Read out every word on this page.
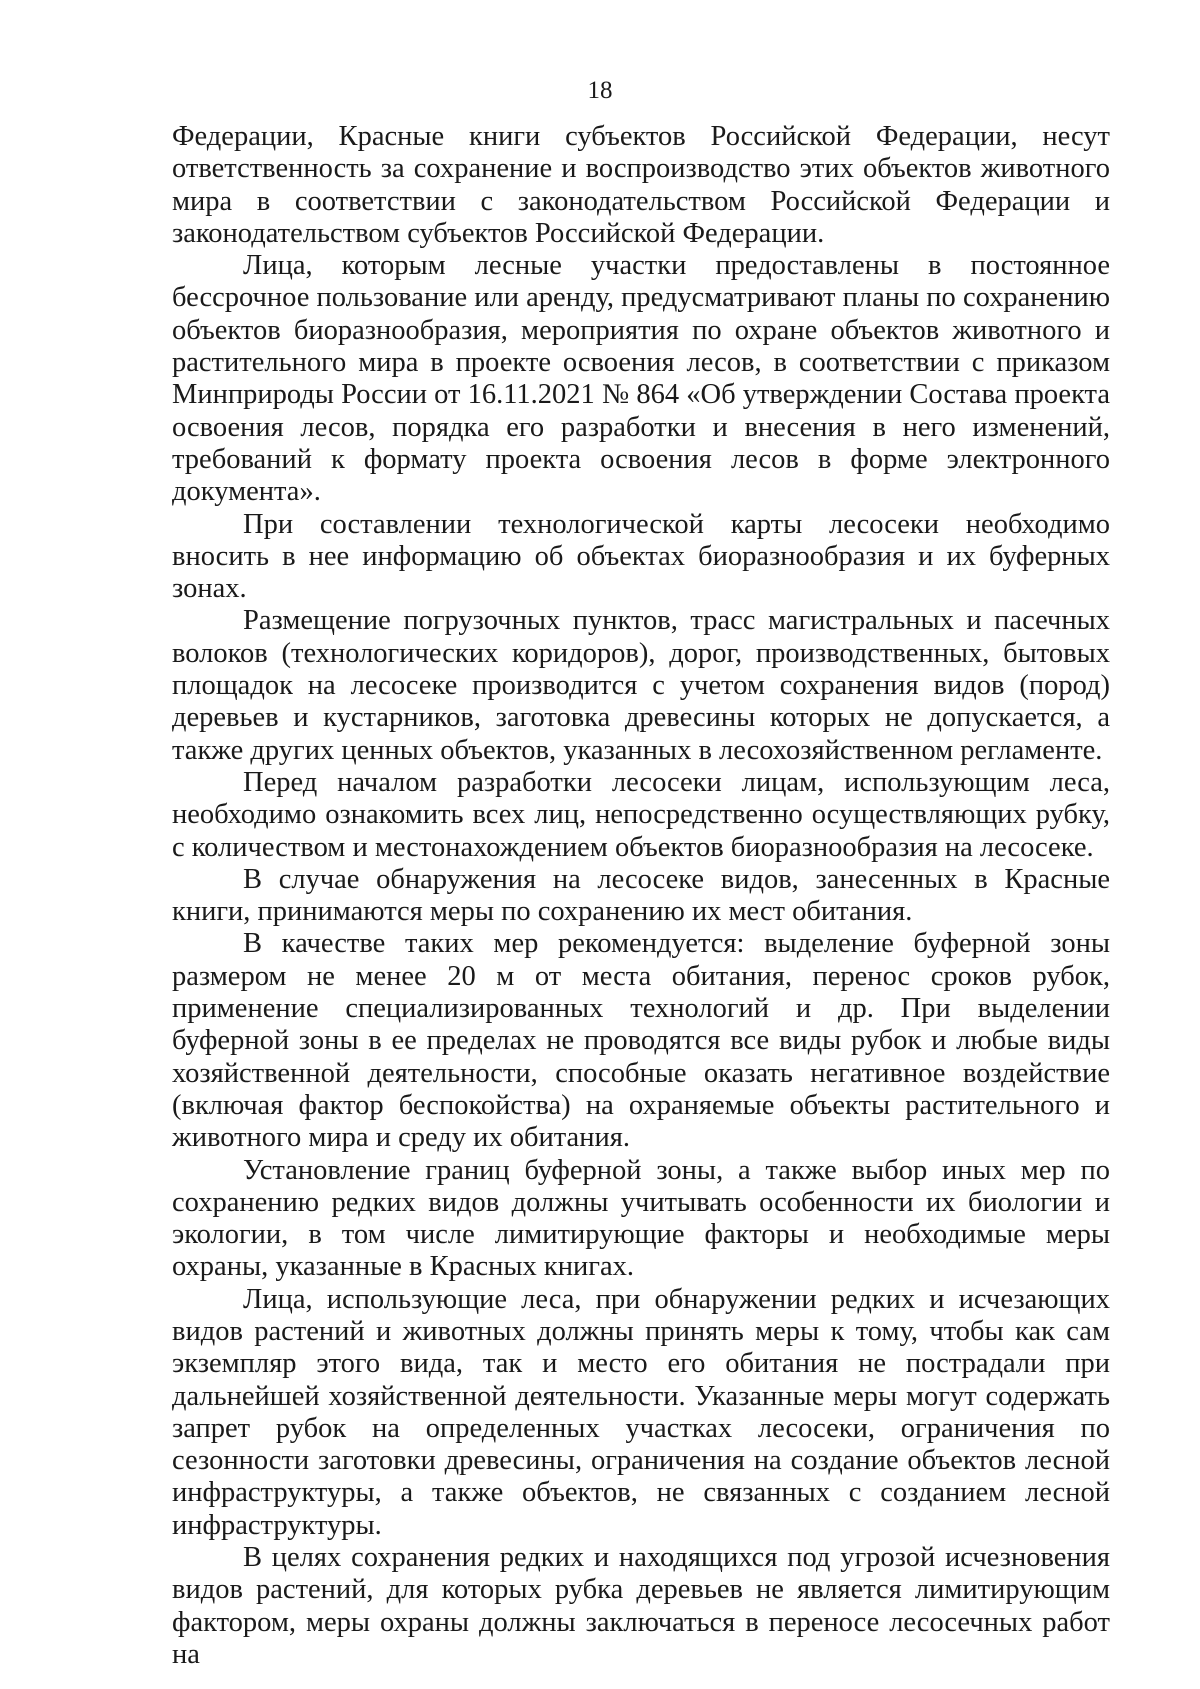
18

Федерации, Красные книги субъектов Российской Федерации, несут ответственность за сохранение и воспроизводство этих объектов животного мира в соответствии с законодательством Российской Федерации и законодательством субъектов Российской Федерации.

Лица, которым лесные участки предоставлены в постоянное бессрочное пользование или аренду, предусматривают планы по сохранению объектов биоразнообразия, мероприятия по охране объектов животного и растительного мира в проекте освоения лесов, в соответствии с приказом Минприроды России от 16.11.2021 № 864 «Об утверждении Состава проекта освоения лесов, порядка его разработки и внесения в него изменений, требований к формату проекта освоения лесов в форме электронного документа».

При составлении технологической карты лесосеки необходимо вносить в нее информацию об объектах биоразнообразия и их буферных зонах.

Размещение погрузочных пунктов, трасс магистральных и пасечных волоков (технологических коридоров), дорог, производственных, бытовых площадок на лесосеке производится с учетом сохранения видов (пород) деревьев и кустарников, заготовка древесины которых не допускается, а также других ценных объектов, указанных в лесохозяйственном регламенте.

Перед началом разработки лесосеки лицам, использующим леса, необходимо ознакомить всех лиц, непосредственно осуществляющих рубку, с количеством и местонахождением объектов биоразнообразия на лесосеке.

В случае обнаружения на лесосеке видов, занесенных в Красные книги, принимаются меры по сохранению их мест обитания.

В качестве таких мер рекомендуется: выделение буферной зоны размером не менее 20 м от места обитания, перенос сроков рубок, применение специализированных технологий и др. При выделении буферной зоны в ее пределах не проводятся все виды рубок и любые виды хозяйственной деятельности, способные оказать негативное воздействие (включая фактор беспокойства) на охраняемые объекты растительного и животного мира и среду их обитания.

Установление границ буферной зоны, а также выбор иных мер по сохранению редких видов должны учитывать особенности их биологии и экологии, в том числе лимитирующие факторы и необходимые меры охраны, указанные в Красных книгах.

Лица, использующие леса, при обнаружении редких и исчезающих видов растений и животных должны принять меры к тому, чтобы как сам экземпляр этого вида, так и место его обитания не пострадали при дальнейшей хозяйственной деятельности. Указанные меры могут содержать запрет рубок на определенных участках лесосеки, ограничения по сезонности заготовки древесины, ограничения на создание объектов лесной инфраструктуры, а также объектов, не связанных с созданием лесной инфраструктуры.

В целях сохранения редких и находящихся под угрозой исчезновения видов растений, для которых рубка деревьев не является лимитирующим фактором, меры охраны должны заключаться в переносе лесосечных работ на
